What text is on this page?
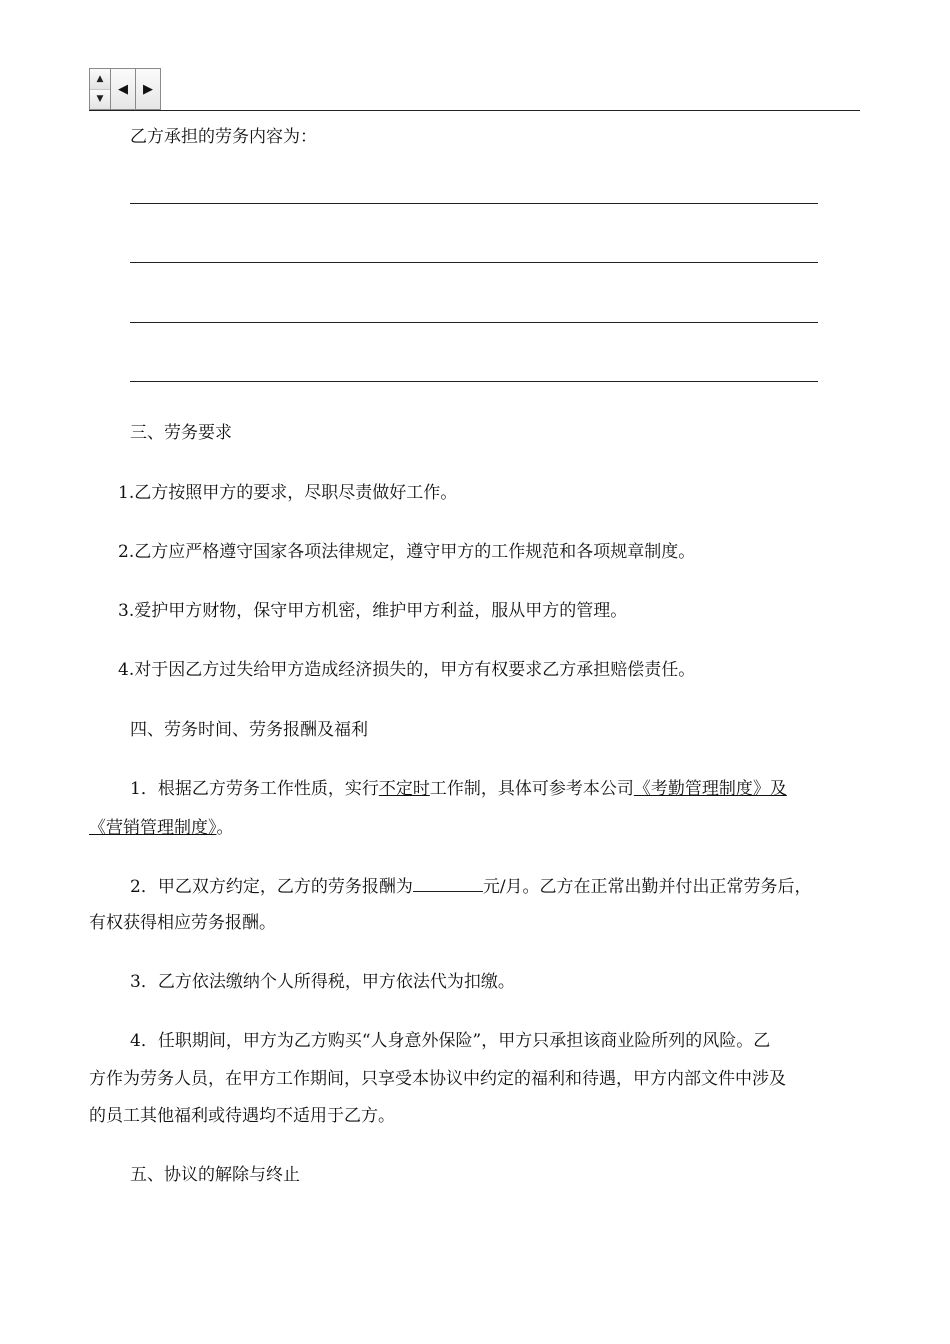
▲
▼
◀ ▶
乙方承担的劳务内容为：
三、劳务要求
1.乙方按照甲方的要求，尽职尽责做好工作。
2.乙方应严格遵守国家各项法律规定，遵守甲方的工作规范和各项规章制度。
3.爱护甲方财物，保守甲方机密，维护甲方利益，服从甲方的管理。
4.对于因乙方过失给甲方造成经济损失的，甲方有权要求乙方承担赔偿责任。
四、劳务时间、劳务报酬及福利
1．根据乙方劳务工作性质，实行不定时工作制，具体可参考本公司《考勤管理制度》及
《营销管理制度》。
2．甲乙双方约定，乙方的劳务报酬为	元/月。乙方在正常出勤并付出正常劳务后，
有权获得相应劳务报酬。
3．乙方依法缴纳个人所得税，甲方依法代为扣缴。
4．任职期间，甲方为乙方购买“人身意外保险”，甲方只承担该商业险所列的风险。乙
方作为劳务人员，在甲方工作期间，只享受本协议中约定的福利和待遇，甲方内部文件中涉及
的员工其他福利或待遇均不适用于乙方。
五、协议的解除与终止
